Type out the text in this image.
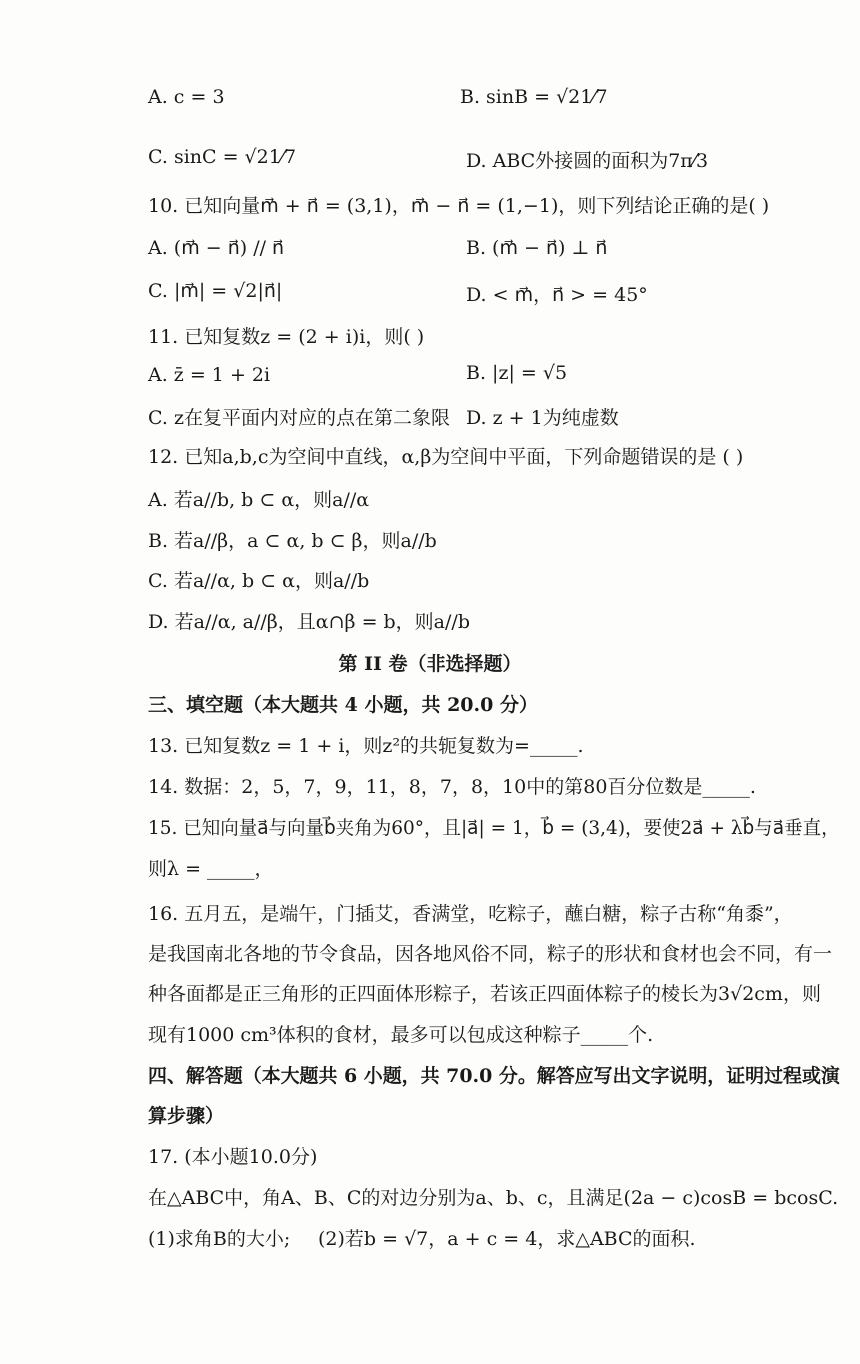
A. c = 3	B. sinB = √21⁄7
C. sinC = √21⁄7	D. ABC外接圆的面积为7π⁄3
10. 已知向量m⃗ + n⃗ = (3,1)，m⃗ − n⃗ = (1,−1)，则下列结论正确的是( )
A. (m⃗ − n⃗) // n⃗	B. (m⃗ − n⃗) ⊥ n⃗
C. |m⃗| = √2|n⃗|	D. < m⃗，n⃗ > = 45°
11. 已知复数z = (2 + i)i，则( )
A. z̄ = 1 + 2i	B. |z| = √5
C. z在复平面内对应的点在第二象限 D. z + 1为纯虚数
12. 已知a,b,c为空间中直线，α,β为空间中平面，下列命题错误的是 ( )
A. 若a//b, b ⊂ α，则a//α
B. 若a//β，a ⊂ α, b ⊂ β，则a//b
C. 若a//α, b ⊂ α，则a//b
D. 若a//α, a//β，且α∩β = b，则a//b
第 II 卷（非选择题）
三、填空题（本大题共 4 小题，共 20.0 分）
13. 已知复数z = 1 + i，则z²的共轭复数为=_____.
14. 数据：2，5，7，9，11，8，7，8，10中的第80百分位数是_____.
15. 已知向量a⃗与向量b⃗夹角为60°，且|a⃗| = 1，b⃗ = (3,4)，要使2a⃗ + λb⃗与a⃗垂直，
则λ = _____，
16. 五月五，是端午，门插艾，香满堂，吃粽子，蘸白糖，粽子古称“角黍”，
是我国南北各地的节令食品，因各地风俗不同，粽子的形状和食材也会不同，有一
种各面都是正三角形的正四面体形粽子，若该正四面体粽子的棱长为3√2cm，则
现有1000 cm³体积的食材，最多可以包成这种粽子_____个.
四、解答题（本大题共 6 小题，共 70.0 分。解答应写出文字说明，证明过程或演
算步骤）
17. (本小题10.0分)
在△ABC中，角A、B、C的对边分别为a、b、c，且满足(2a − c)cosB = bcosC.
(1)求角B的大小; (2)若b = √7，a + c = 4，求△ABC的面积.
